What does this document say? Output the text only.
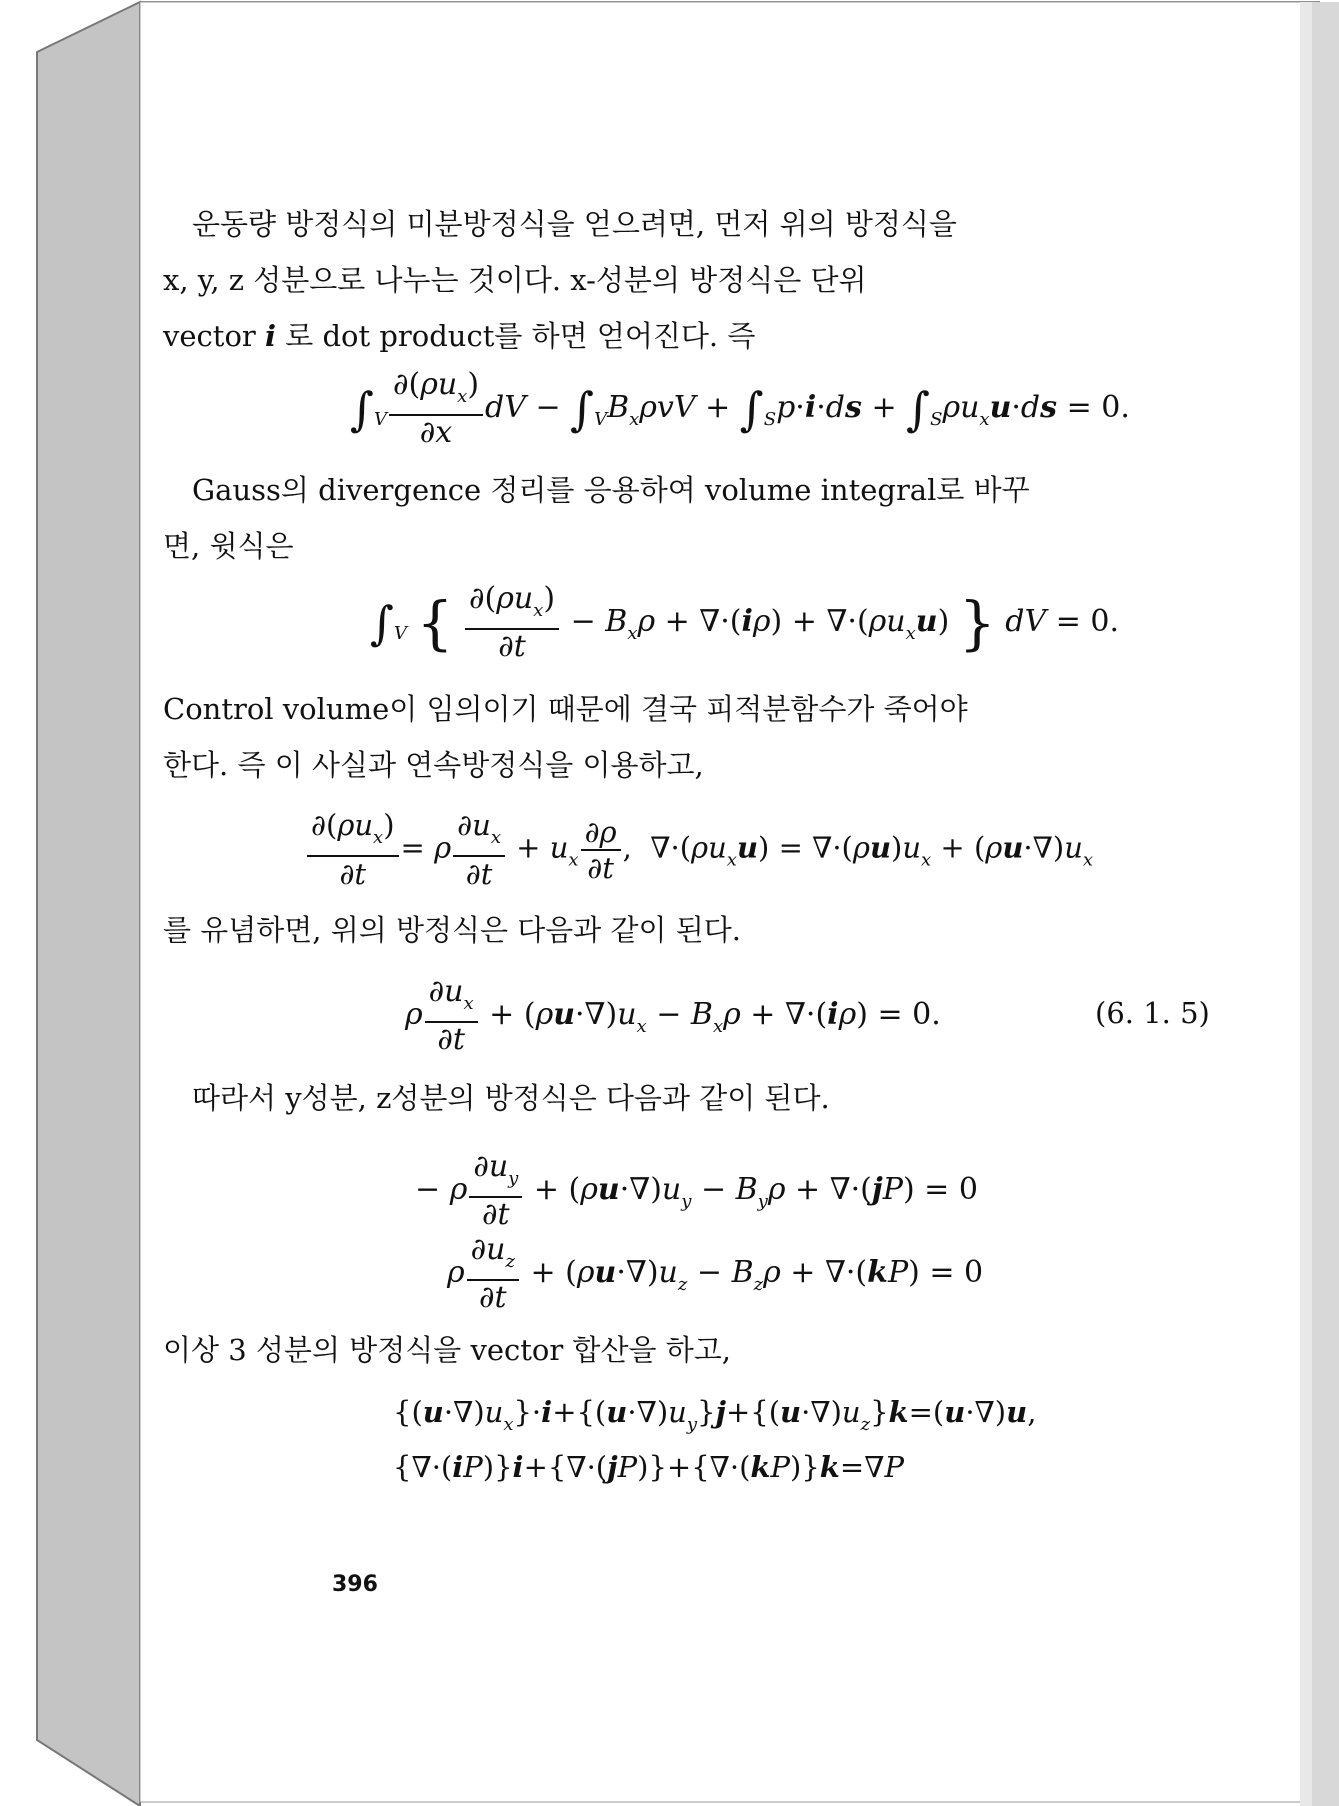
운동량 방정식의 미분방정식을 얻으려면, 먼저 위의 방정식을

x, y, z 성분으로 나누는 것이다. x-성분의 방정식은 단위

vector i 로 dot product를 하면 얻어진다. 즉

$\int_V \frac{\partial(\rho u_x)}{\partial x}$ dV − $\int_VB_x\rho vV + \int_Sp\cdot i\cdot ds + \int_S\rho u_xu\cdot ds = 0$.

Gauss의 divergence 정리를 응용하여 volume integral로 바꾸

면, 윗식은

$\int_V$ { $\frac{\partial(\rho u_x)}{\partial t} - B_x\rho + \nabla\cdot(i\rho) + \nabla\cdot(\rho u_xu)$ } dV = 0.

Control volume이 임의이기 때문에 결국 피적분함수가 죽어야

한다. 즉 이 사실과 연속방정식을 이용하고,

$\frac{\partial(\rho u_x)}{\partial t} = \rho \frac{\partial u_x}{\partial t} + u_x \frac{\partial\rho}{\partial t}$ ,  $\nabla\cdot(\rho u_xu) = \nabla\cdot(\rho u)u_x + (\rho u\cdot\nabla)u_x$

를 유념하면, 위의 방정식은 다음과 같이 된다.

ρ $\frac{\partial u_x}{\partial t} + (\rho u\cdot\nabla)u_x - B_x\rho + \nabla\cdot(i\rho) = 0$.	(6. 1. 5)

따라서 y성분, z성분의 방정식은 다음과 같이 된다.

− ρ $\frac{\partial u_y}{\partial t} + (\rho u\cdot\nabla)u_y - B_y\rho + \nabla\cdot(jP) = 0$
ρ $\frac{\partial u_z}{\partial t} + (\rho u\cdot\nabla)u_z - B_z\rho + \nabla\cdot(kP) = 0$

이상 3 성분의 방정식을 vector 합산을 하고,

$\{(u\cdot\nabla)u_x\}\cdot i+\{(u\cdot\nabla)u_y\}j+\{(u\cdot\nabla)u_z\}k=(u\cdot\nabla)u$,
{∇·(iP)}i+{∇·(jP)}+{∇·(kP)}k=∇P
396
